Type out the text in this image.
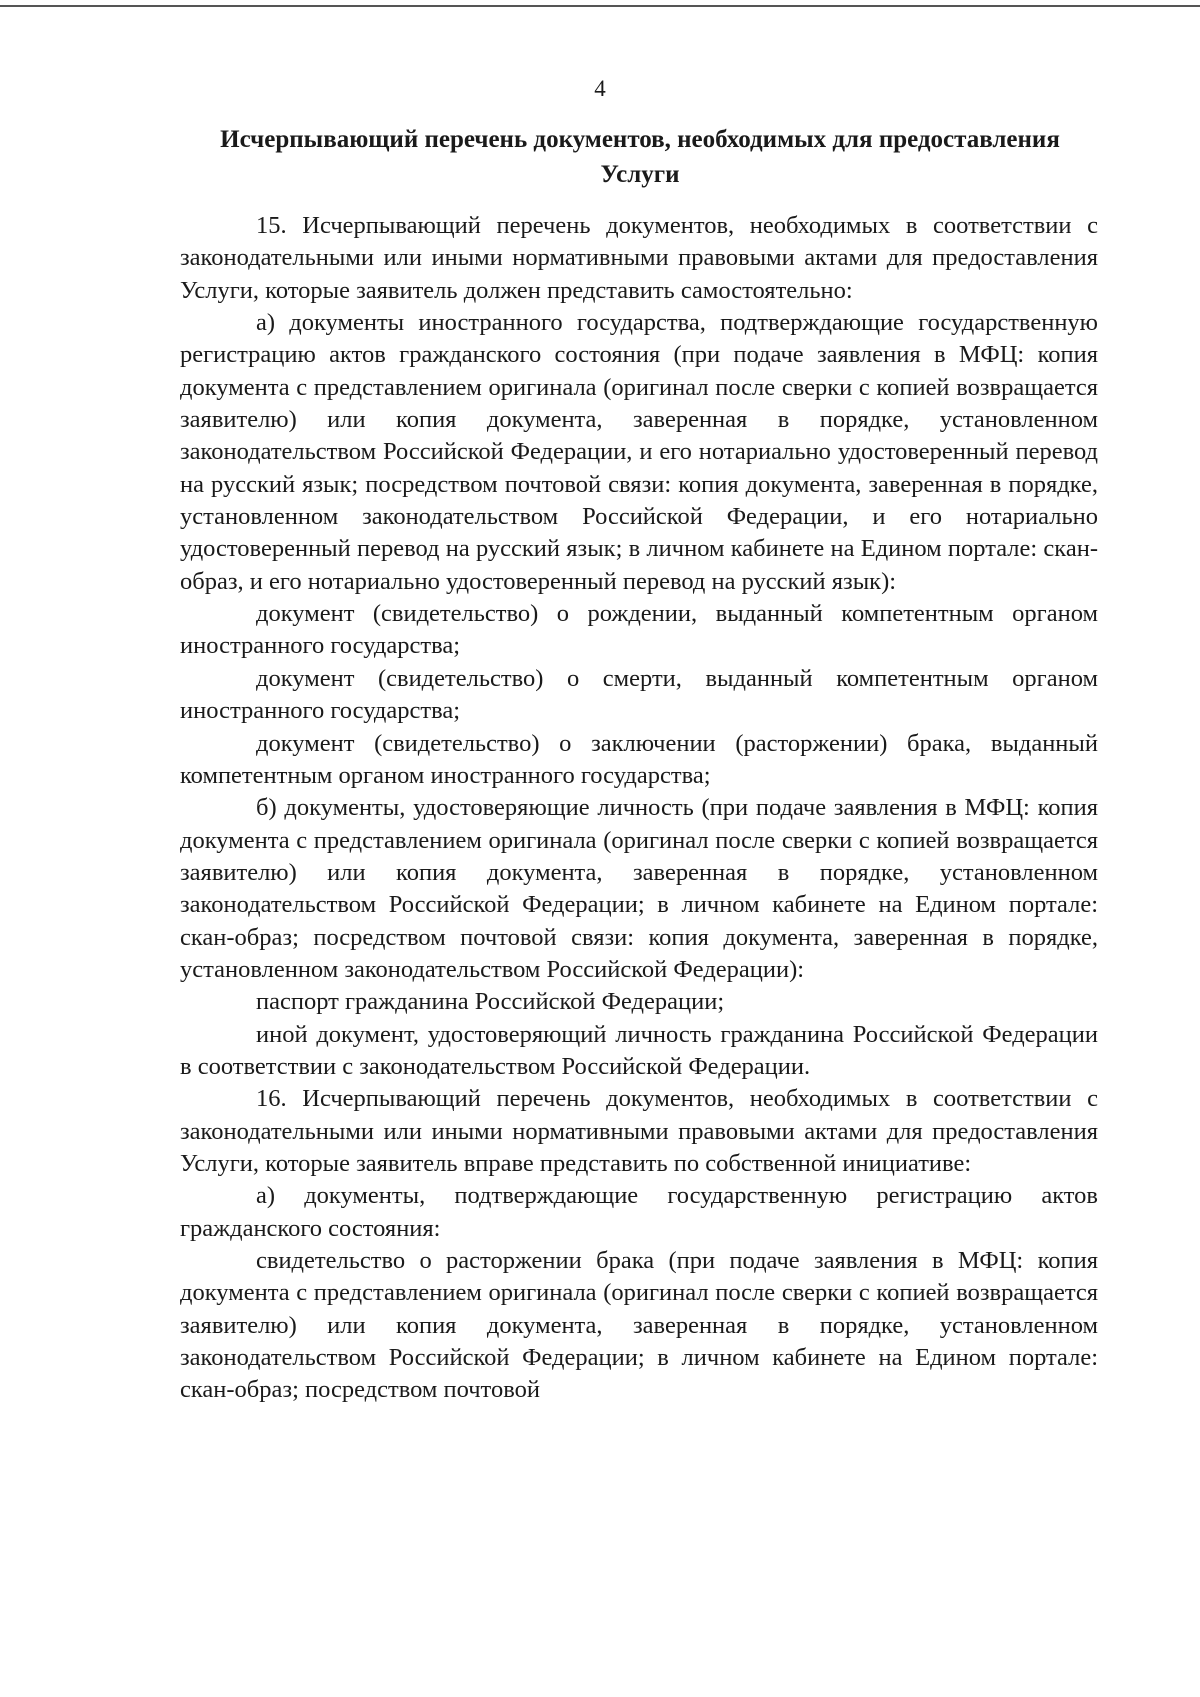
4
Исчерпывающий перечень документов, необходимых для предоставления Услуги

15. Исчерпывающий перечень документов, необходимых в соответствии с законодательными или иными нормативными правовыми актами для предоставления Услуги, которые заявитель должен представить самостоятельно:

а) документы иностранного государства, подтверждающие государственную регистрацию актов гражданского состояния (при подаче заявления в МФЦ: копия документа с представлением оригинала (оригинал после сверки с копией возвращается заявителю) или копия документа, заверенная в порядке, установленном законодательством Российской Федерации, и его нотариально удостоверенный перевод на русский язык; посредством почтовой связи: копия документа, заверенная в порядке, установленном законодательством Российской Федерации, и его нотариально удостоверенный перевод на русский язык; в личном кабинете на Едином портале: скан-образ, и его нотариально удостоверенный перевод на русский язык):

документ (свидетельство) о рождении, выданный компетентным органом иностранного государства;

документ (свидетельство) о смерти, выданный компетентным органом иностранного государства;

документ (свидетельство) о заключении (расторжении) брака, выданный компетентным органом иностранного государства;

б) документы, удостоверяющие личность (при подаче заявления в МФЦ: копия документа с представлением оригинала (оригинал после сверки с копией возвращается заявителю) или копия документа, заверенная в порядке, установленном законодательством Российской Федерации; в личном кабинете на Едином портале: скан-образ; посредством почтовой связи: копия документа, заверенная в порядке, установленном законодательством Российской Федерации):

паспорт гражданина Российской Федерации;

иной документ, удостоверяющий личность гражданина Российской Федерации в соответствии с законодательством Российской Федерации.

16. Исчерпывающий перечень документов, необходимых в соответствии с законодательными или иными нормативными правовыми актами для предоставления Услуги, которые заявитель вправе представить по собственной инициативе:

а) документы, подтверждающие государственную регистрацию актов гражданского состояния:

свидетельство о расторжении брака (при подаче заявления в МФЦ: копия документа с представлением оригинала (оригинал после сверки с копией возвращается заявителю) или копия документа, заверенная в порядке, установленном законодательством Российской Федерации; в личном кабинете на Едином портале: скан-образ; посредством почтовой
